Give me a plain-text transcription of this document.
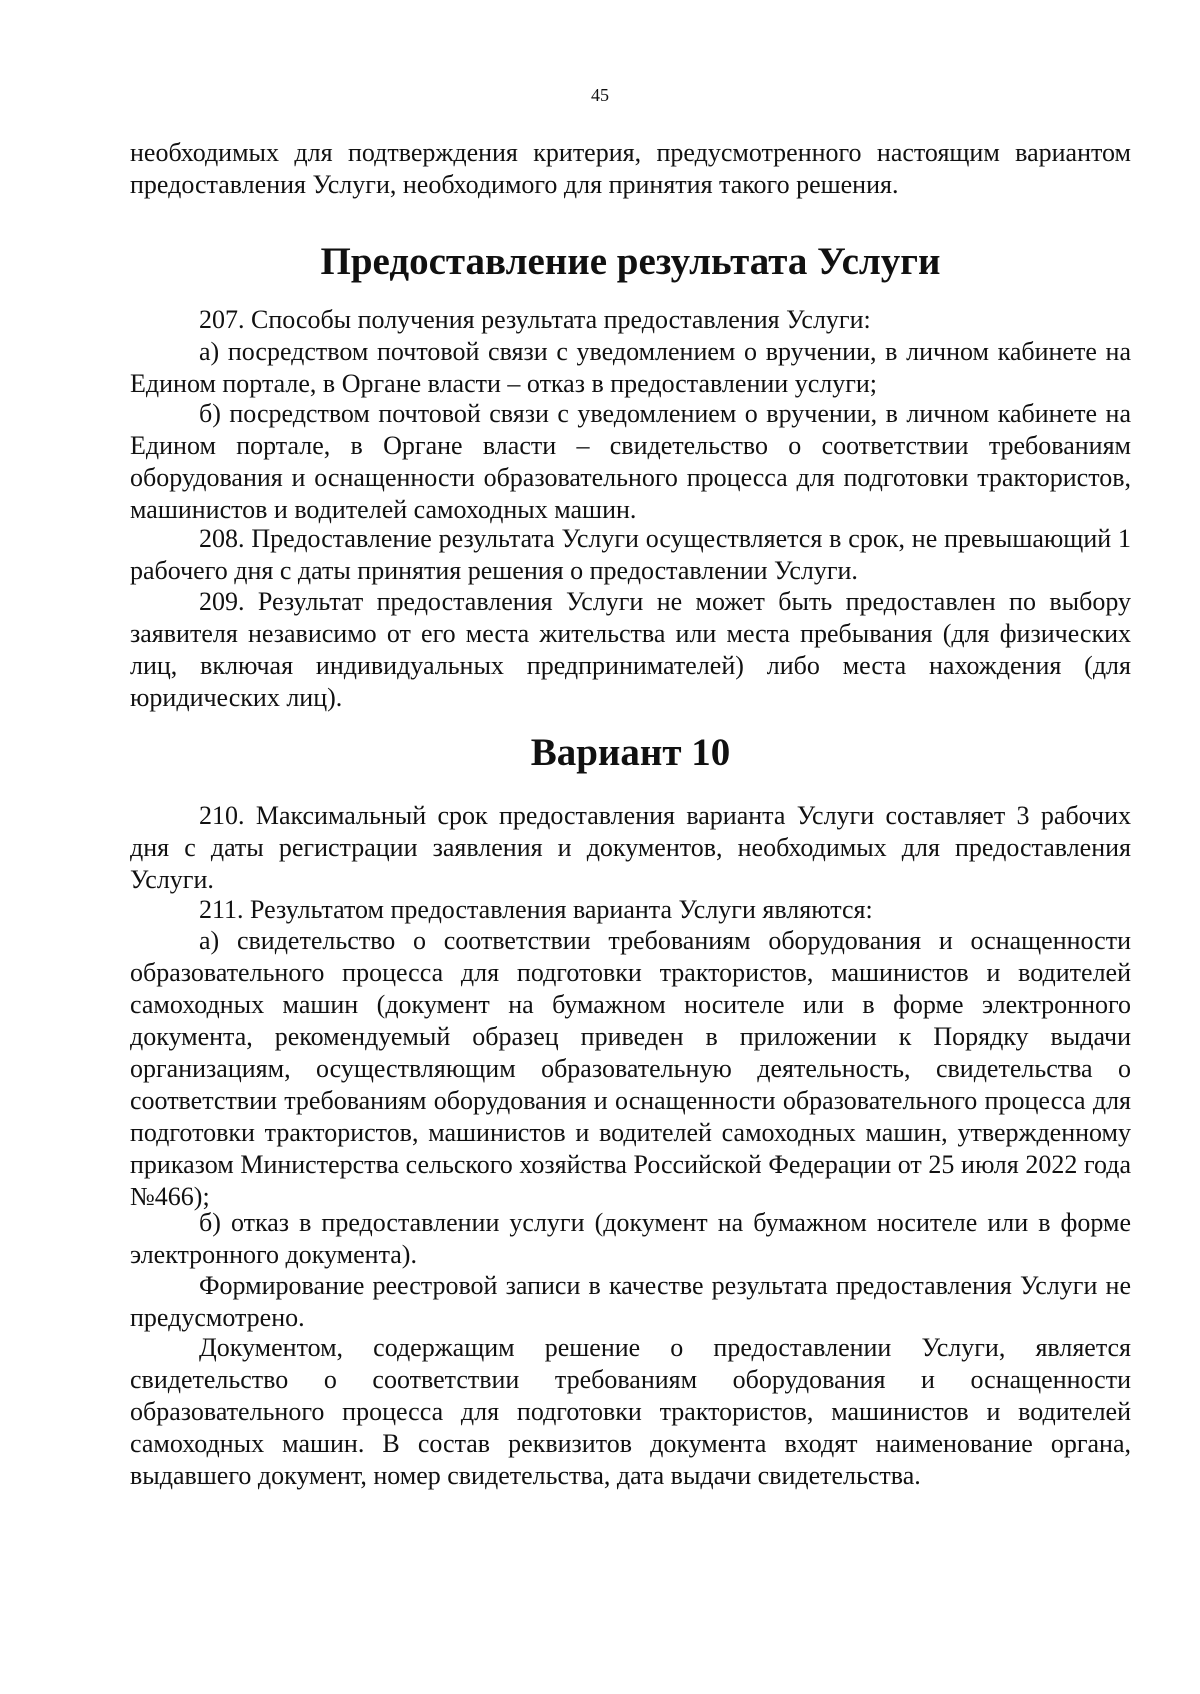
45

необходимых для подтверждения критерия, предусмотренного настоящим вариантом предоставления Услуги, необходимого для принятия такого решения.

Предоставление результата Услуги

207. Способы получения результата предоставления Услуги:

а) посредством почтовой связи с уведомлением о вручении, в личном кабинете на Едином портале, в Органе власти – отказ в предоставлении услуги;

б) посредством почтовой связи с уведомлением о вручении, в личном кабинете на Едином портале, в Органе власти – свидетельство о соответствии требованиям оборудования и оснащенности образовательного процесса для подготовки трактористов, машинистов и водителей самоходных машин.

208. Предоставление результата Услуги осуществляется в срок, не превышающий 1 рабочего дня с даты принятия решения о предоставлении Услуги.

209. Результат предоставления Услуги не может быть предоставлен по выбору заявителя независимо от его места жительства или места пребывания (для физических лиц, включая индивидуальных предпринимателей) либо места нахождения (для юридических лиц).

Вариант 10

210. Максимальный срок предоставления варианта Услуги составляет 3 рабочих дня с даты регистрации заявления и документов, необходимых для предоставления Услуги.

211. Результатом предоставления варианта Услуги являются:

а) свидетельство о соответствии требованиям оборудования и оснащенности образовательного процесса для подготовки трактористов, машинистов и водителей самоходных машин (документ на бумажном носителе или в форме электронного документа, рекомендуемый образец приведен в приложении к Порядку выдачи организациям, осуществляющим образовательную деятельность, свидетельства о соответствии требованиям оборудования и оснащенности образовательного процесса для подготовки трактористов, машинистов и водителей самоходных машин, утвержденному приказом Министерства сельского хозяйства Российской Федерации от 25 июля 2022 года №466);

б) отказ в предоставлении услуги (документ на бумажном носителе или в форме электронного документа).

Формирование реестровой записи в качестве результата предоставления Услуги не предусмотрено.

Документом, содержащим решение о предоставлении Услуги, является свидетельство о соответствии требованиям оборудования и оснащенности образовательного процесса для подготовки трактористов, машинистов и водителей самоходных машин. В состав реквизитов документа входят наименование органа, выдавшего документ, номер свидетельства, дата выдачи свидетельства.
